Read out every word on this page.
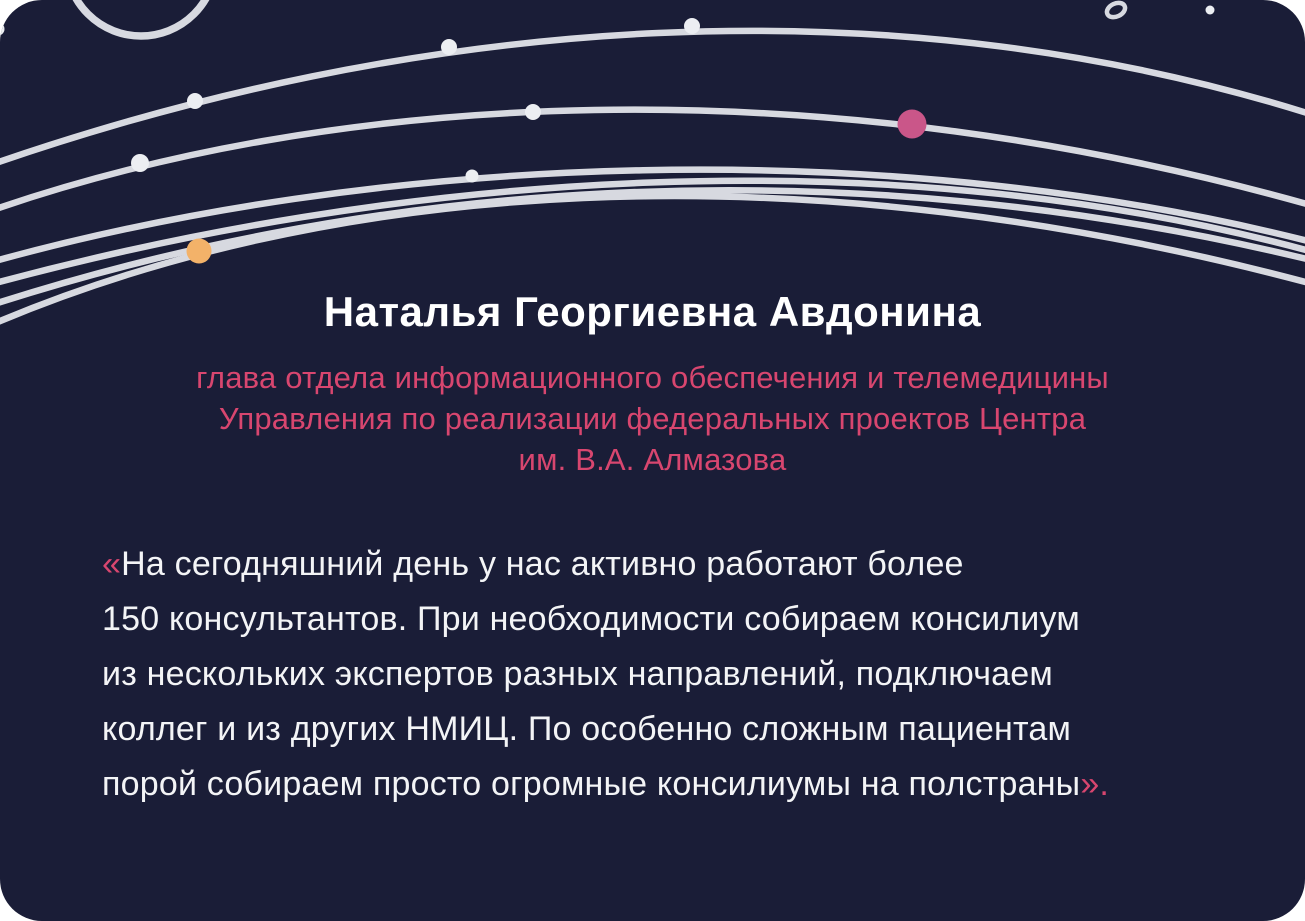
Наталья Георгиевна Авдонина
глава отдела информационного обеспечения и телемедицины
Управления по реализации федеральных проектов Центра
им. В.А. Алмазова
«На сегодняшний день у нас активно работают более
150 консультантов. При необходимости собираем консилиум
из нескольких экспертов разных направлений, подключаем
коллег и из других НМИЦ. По особенно сложным пациентам
порой собираем просто огромные консилиумы на полстраны».
